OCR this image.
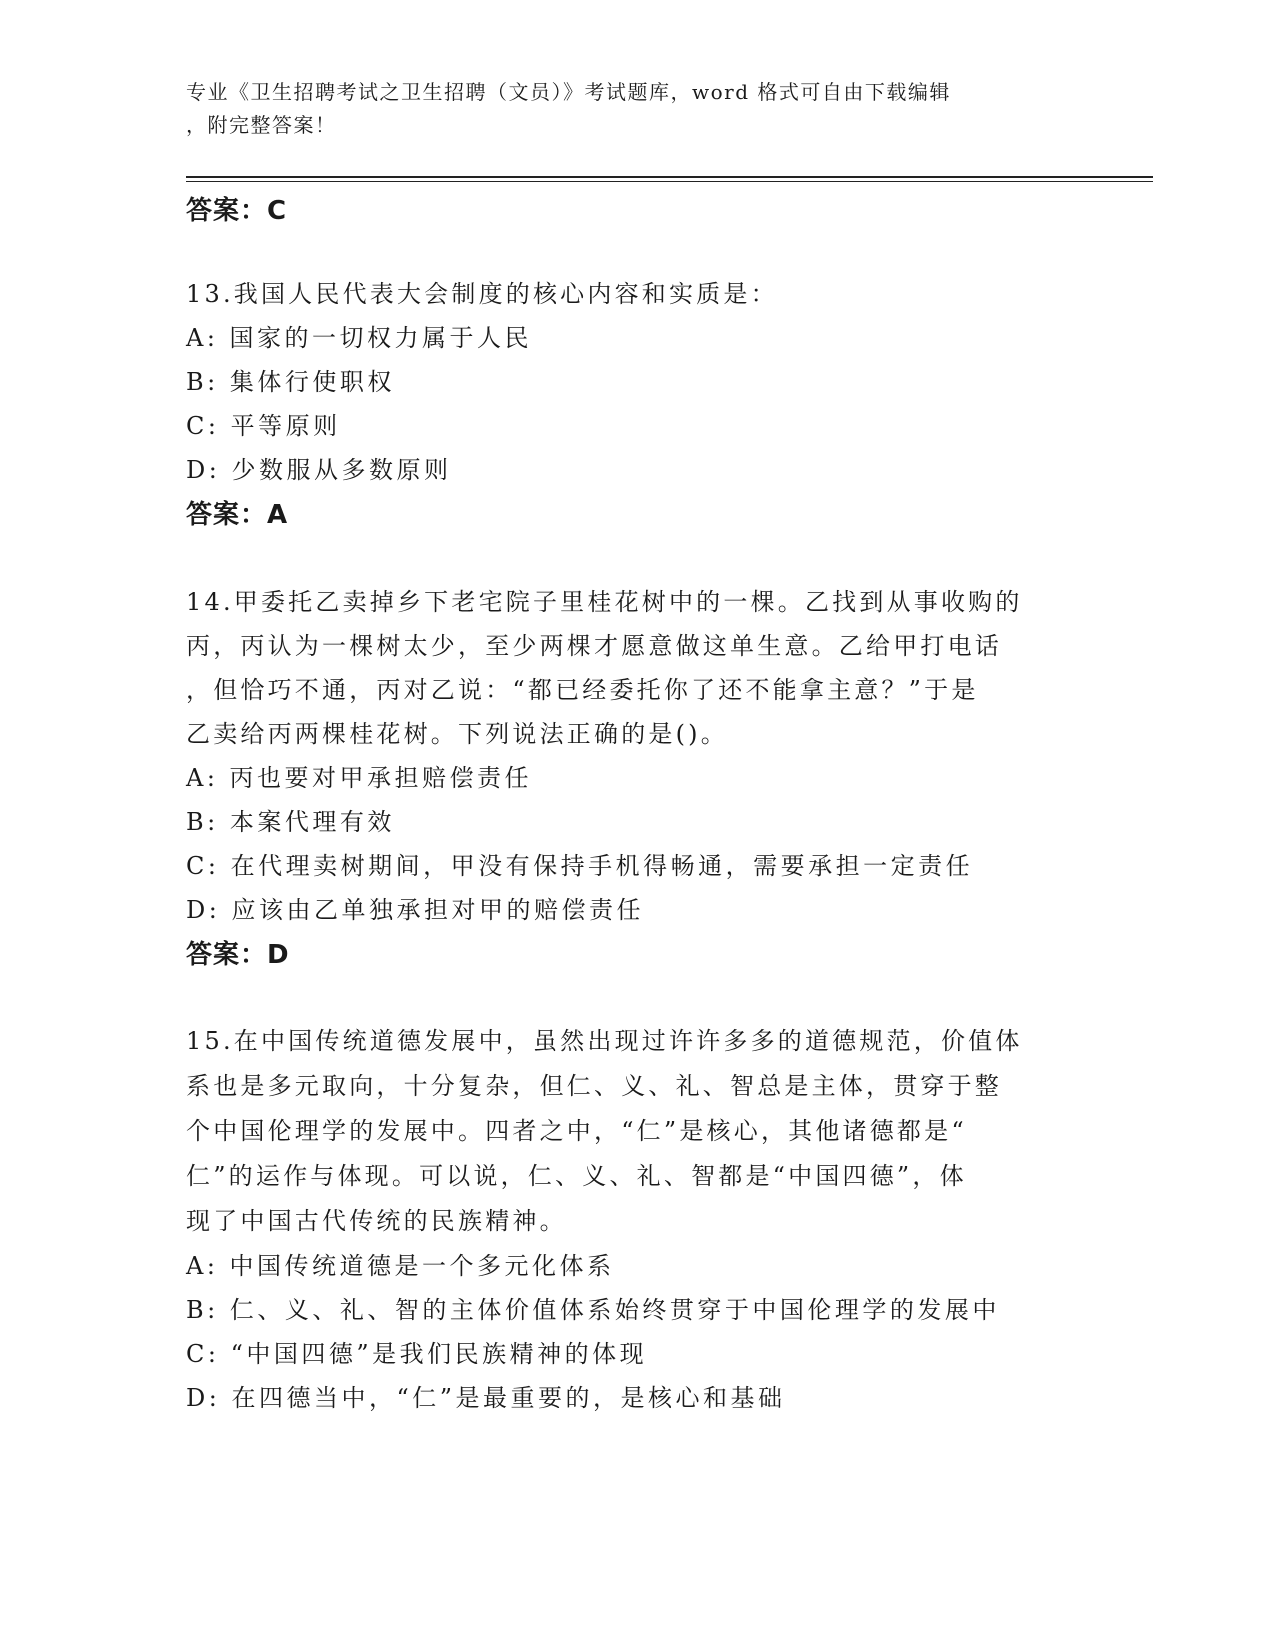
专业《卫生招聘考试之卫生招聘（文员）》考试题库，word 格式可自由下载编辑
，附完整答案！
答案：C
13.我国人民代表大会制度的核心内容和实质是：
A: 国家的一切权力属于人民
B: 集体行使职权
C: 平等原则
D: 少数服从多数原则
答案：A
14.甲委托乙卖掉乡下老宅院子里桂花树中的一棵。乙找到从事收购的
丙，丙认为一棵树太少，至少两棵才愿意做这单生意。乙给甲打电话
，但恰巧不通，丙对乙说：“都已经委托你了还不能拿主意？”于是
乙卖给丙两棵桂花树。下列说法正确的是()。
A: 丙也要对甲承担赔偿责任
B: 本案代理有效
C: 在代理卖树期间，甲没有保持手机得畅通，需要承担一定责任
D: 应该由乙单独承担对甲的赔偿责任
答案：D
15.在中国传统道德发展中，虽然出现过许许多多的道德规范，价值体
系也是多元取向，十分复杂，但仁、义、礼、智总是主体，贯穿于整
个中国伦理学的发展中。四者之中，“仁”是核心，其他诸德都是“
仁”的运作与体现。可以说，仁、义、礼、智都是“中国四德”，体
现了中国古代传统的民族精神。
A: 中国传统道德是一个多元化体系
B: 仁、义、礼、智的主体价值体系始终贯穿于中国伦理学的发展中
C: “中国四德”是我们民族精神的体现
D: 在四德当中，“仁”是最重要的，是核心和基础
